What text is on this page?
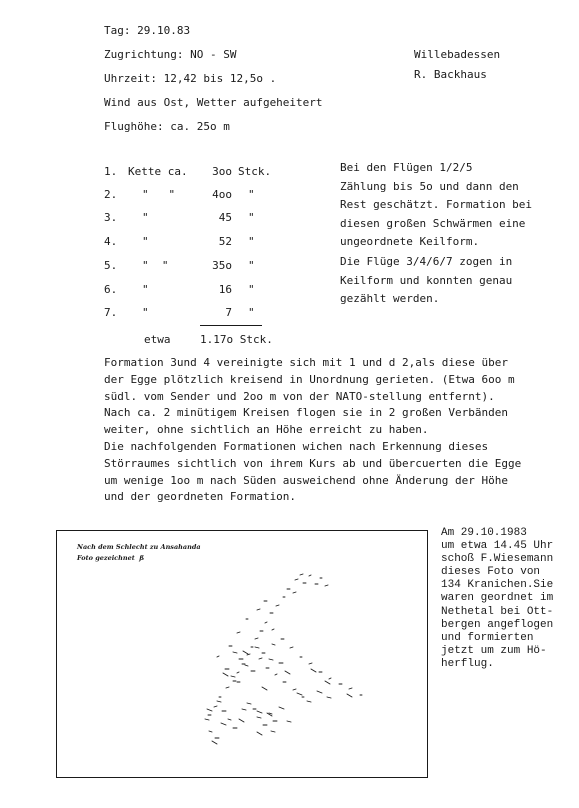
Tag: 29.10.83
Zugrichtung: NO - SW
Uhrzeit: 12,42 bis 12,5o .
Wind aus Ost, Wetter aufgeheitert
Flughöhe: ca. 25o m
Willebadessen
R. Backhaus
1. Kette ca.	3oo Stck.
2. "   "	4oo "
3. "	45 "
4. "	52 "
5. "  "	35o "
6. "	16 "
7. "	7 "
etwa	1.17o Stck.
Bei den Flügen 1/2/5
Zählung bis 5o und dann den
Rest geschätzt. Formation bei
diesen großen Schwärmen eine
ungeordnete Keilform.
Die Flüge 3/4/6/7 zogen in
Keilform und konnten genau
gezählt werden.
Formation 3und 4 vereinigte sich mit 1 und d 2,als diese über
der Egge plötzlich kreisend in Unordnung gerieten. (Etwa 6oo m
südl. vom Sender und 2oo m von der NATO-stellung entfernt).
Nach ca. 2 minütigem Kreisen flogen sie in 2 großen Verbänden
weiter, ohne sichtlich an Höhe erreicht zu haben.
Die nachfolgenden Formationen wichen nach Erkennung dieses
Störraumes sichtlich von ihrem Kurs ab und übercuerten die Egge
um wenige 1oo m nach Süden ausweichend ohne Änderung der Höhe
und der geordneten Formation.
Nach dem Schlecht zu Ansahanda
Foto gezeichnet  ß
Am 29.10.1983
um etwa 14.45 Uhr
schoß F.Wiesemann
dieses Foto von
134 Kranichen.Sie
waren geordnet im
Nethetal bei Ott-
bergen angeflogen
und formierten
jetzt um zum Hö-
herflug.
